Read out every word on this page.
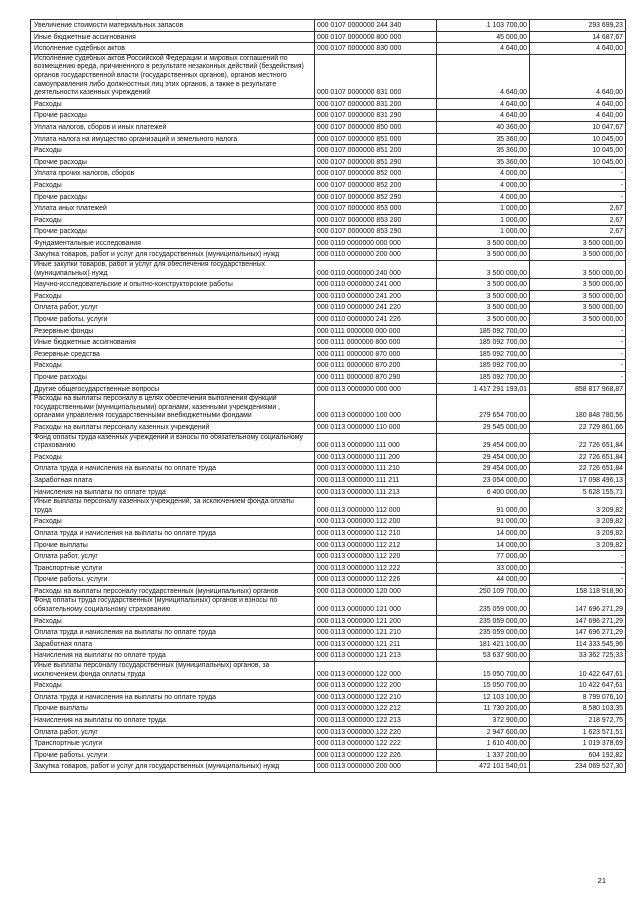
Увеличение стоимости материальных запасов	000 0107 0000000 244 340	1 103 700,00	293 699,23
Иные бюджетные ассигнования	000 0107 0000000 800 000	45 000,00	14 687,67
Исполнение судебных актов	000 0107 0000000 830 000	4 640,00	4 640,00
Исполнение судебных актов Российской Федерации и мировых соглашений по возмещению вреда, причиненного в результате незаконных действий (бездействия) органов государственной власти (государственных органов), органов местного самоуправления либо должностных лиц этих органов, а также в результате деятельности казенных учреждений	000 0107 0000000 831 000	4 640,00	4 640,00
Расходы	000 0107 0000000 831 200	4 640,00	4 640,00
Прочие расходы	000 0107 0000000 831 290	4 640,00	4 640,00
Уплата налогов, сборов и иных платежей	000 0107 0000000 850 000	40 360,00	10 047,67
Уплата налога на имущество организаций и земельного налога	000 0107 0000000 851 000	35 360,00	10 045,00
Расходы	000 0107 0000000 851 200	35 360,00	10 045,00
Прочие расходы	000 0107 0000000 851 290	35 360,00	10 045,00
Уплата прочих налогов, сборов	000 0107 0000000 852 000	4 000,00	-
Расходы	000 0107 0000000 852 200	4 000,00	-
Прочие расходы	000 0107 0000000 852 290	4 000,00	-
Уплата иных платежей	000 0107 0000000 853 000	1 000,00	2,67
Расходы	000 0107 0000000 853 200	1 000,00	2,67
Прочие расходы	000 0107 0000000 853 290	1 000,00	2,67
Фундаментальные исследования	000 0110 0000000 000 000	3 500 000,00	3 500 000,00
Закупка товаров, работ и услуг для государственных (муниципальных) нужд	000 0110 0000000 200 000	3 500 000,00	3 500 000,00
Иные закупки товаров, работ и услуг для обеспечения государственных (муниципальных) нужд	000 0110 0000000 240 000	3 500 000,00	3 500 000,00
Научно-исследовательские и опытно-конструкторские работы	000 0110 0000000 241 000	3 500 000,00	3 500 000,00
Расходы	000 0110 0000000 241 200	3 500 000,00	3 500 000,00
Оплата работ, услуг	000 0110 0000000 241 220	3 500 000,00	3 500 000,00
Прочие работы, услуги	000 0110 0000000 241 226	3 500 000,00	3 500 000,00
Резервные фонды	000 0111 0000000 000 000	185 092 700,00	-
Иные бюджетные ассигнования	000 0111 0000000 800 000	185 092 700,00	-
Резервные средства	000 0111 0000000 870 000	185 092 700,00	-
Расходы	000 0111 0000000 870 200	185 092 700,00	-
Прочие расходы	000 0111 0000000 870 290	185 092 700,00	-
Другие общегосударственные вопросы	000 0113 0000000 000 000	1 417 291 193,01	858 817 968,87
Расходы на выплаты персоналу в целях обеспечения выполнения функций государственными (муниципальными) органами, казенными учреждениями , органами управления государственными внебюджетными фондами	000 0113 0000000 100 000	279 654 700,00	180 848 780,56
Расходы на выплаты персоналу казенных учреждений	000 0113 0000000 110 000	29 545 000,00	22 729 861,66
Фонд оплаты труда казенных учреждений и взносы по обязательному социальному страхованию	000 0113 0000000 111 000	29 454 000,00	22 726 651,84
Расходы	000 0113 0000000 111 200	29 454 000,00	22 726 651,84
Оплата труда и начисления на выплаты по оплате труда	000 0113 0000000 111 210	29 454 000,00	22 726 651,84
Заработная плата	000 0113 0000000 111 211	23 054 000,00	17 098 496,13
Начисления на выплаты по оплате труда	000 0113 0000000 111 213	6 400 000,00	5 628 155,71
Иные выплаты персоналу казенных учреждений, за исключением фонда оплаты труда	000 0113 0000000 112 000	91 000,00	3 209,82
Расходы	000 0113 0000000 112 200	91 000,00	3 209,82
Оплата труда и начисления на выплаты по оплате труда	000 0113 0000000 112 210	14 000,00	3 209,82
Прочие выплаты	000 0113 0000000 112 212	14 000,00	3 209,82
Оплата работ, услуг	000 0113 0000000 112 220	77 000,00	-
Транспортные услуги	000 0113 0000000 112 222	33 000,00	-
Прочие работы, услуги	000 0113 0000000 112 226	44 000,00	-
Расходы на выплаты персоналу государственных (муниципальных) органов	000 0113 0000000 120 000	250 109 700,00	158 118 918,90
Фонд оплаты труда государственных (муниципальных) органов и взносы по обязательному социальному страхованию	000 0113 0000000 121 000	235 059 000,00	147 696 271,29
Расходы	000 0113 0000000 121 200	235 059 000,00	147 696 271,29
Оплата труда и начисления на выплаты по оплате труда	000 0113 0000000 121 210	235 059 000,00	147 696 271,29
Заработная плата	000 0113 0000000 121 211	181 421 100,00	114 333 545,96
Начисления на выплаты по оплате труда	000 0113 0000000 121 213	53 637 900,00	33 362 725,33
Иные выплаты персоналу государственных (муниципальных) органов, за исключением фонда оплаты труда	000 0113 0000000 122 000	15 050 700,00	10 422 647,61
Расходы	000 0113 0000000 122 200	15 050 700,00	10 422 647,61
Оплата труда и начисления на выплаты по оплате труда	000 0113 0000000 122 210	12 103 100,00	8 799 076,10
Прочие выплаты	000 0113 0000000 122 212	11 730 200,00	8 580 103,35
Начисления на выплаты по оплате труда	000 0113 0000000 122 213	372 900,00	218 972,75
Оплата работ, услуг	000 0113 0000000 122 220	2 947 600,00	1 623 571,51
Транспортные услуги	000 0113 0000000 122 222	1 610 400,00	1 019 378,69
Прочие работы, услуги	000 0113 0000000 122 226	1 337 200,00	604 192,82
Закупка товаров, работ и услуг для государственных (муниципальных) нужд	000 0113 0000000 200 000	472 101 540,01	234 069 527,30
21
